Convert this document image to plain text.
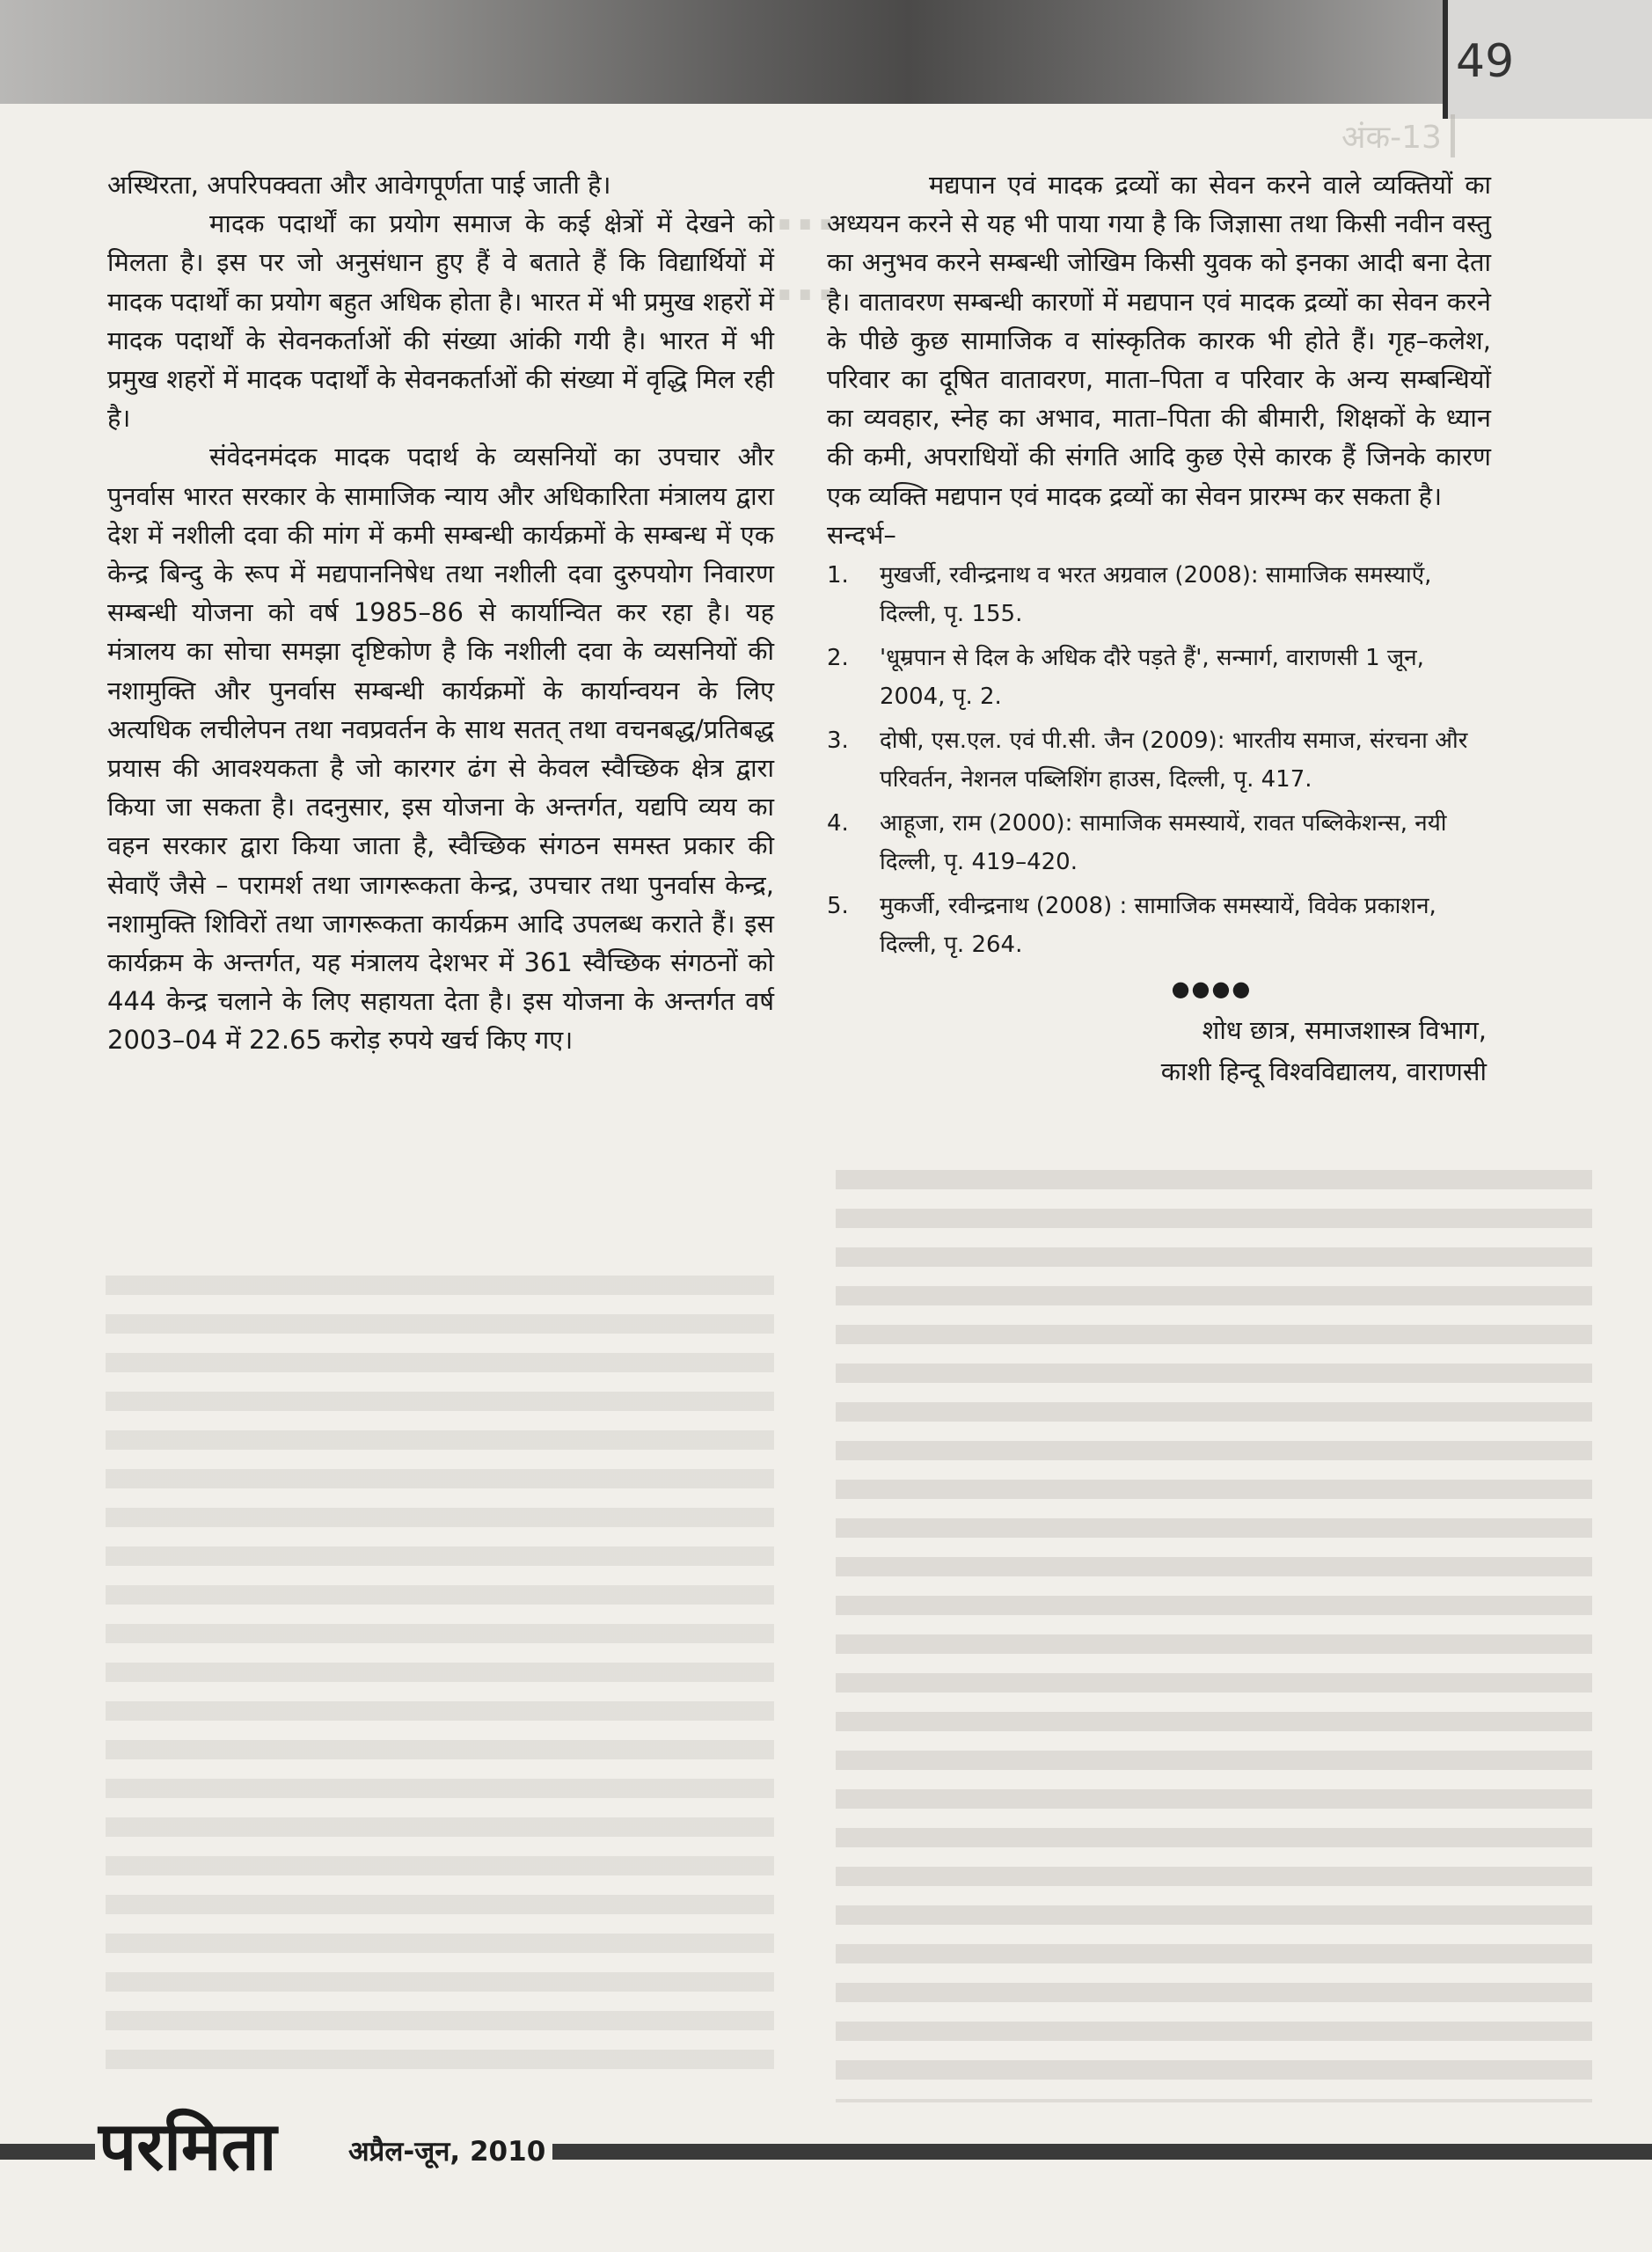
49
अंक-13
...
...

अस्थिरता, अपरिपक्वता और आवेगपूर्णता पाई जाती है।

मादक पदार्थों का प्रयोग समाज के कई क्षेत्रों में देखने को मिलता है। इस पर जो अनुसंधान हुए हैं वे बताते हैं कि विद्यार्थियों में मादक पदार्थों का प्रयोग बहुत अधिक होता है। भारत में भी प्रमुख शहरों में मादक पदार्थों के सेवनकर्ताओं की संख्या आंकी गयी है। भारत में भी प्रमुख शहरों में मादक पदार्थों के सेवनकर्ताओं की संख्या में वृद्धि मिल रही है।

संवेदनमंदक मादक पदार्थ के व्यसनियों का उपचार और पुनर्वास भारत सरकार के सामाजिक न्याय और अधिकारिता मंत्रालय द्वारा देश में नशीली दवा की मांग में कमी सम्बन्धी कार्यक्रमों के सम्बन्ध में एक केन्द्र बिन्दु के रूप में मद्यपाननिषेध तथा नशीली दवा दुरुपयोग निवारण सम्बन्धी योजना को वर्ष 1985–86 से कार्यान्वित कर रहा है। यह मंत्रालय का सोचा समझा दृष्टिकोण है कि नशीली दवा के व्यसनियों की नशामुक्ति और पुनर्वास सम्बन्धी कार्यक्रमों के कार्यान्वयन के लिए अत्यधिक लचीलेपन तथा नवप्रवर्तन के साथ सतत् तथा वचनबद्ध/प्रतिबद्ध प्रयास की आवश्यकता है जो कारगर ढंग से केवल स्वैच्छिक क्षेत्र द्वारा किया जा सकता है। तदनुसार, इस योजना के अन्तर्गत, यद्यपि व्यय का वहन सरकार द्वारा किया जाता है, स्वैच्छिक संगठन समस्त प्रकार की सेवाएँ जैसे – परामर्श तथा जागरूकता केन्द्र, उपचार तथा पुनर्वास केन्द्र, नशामुक्ति शिविरों तथा जागरूकता कार्यक्रम आदि उपलब्ध कराते हैं। इस कार्यक्रम के अन्तर्गत, यह मंत्रालय देशभर में 361 स्वैच्छिक संगठनों को 444 केन्द्र चलाने के लिए सहायता देता है। इस योजना के अन्तर्गत वर्ष 2003–04 में 22.65 करोड़ रुपये खर्च किए गए।

मद्यपान एवं मादक द्रव्यों का सेवन करने वाले व्यक्तियों का अध्ययन करने से यह भी पाया गया है कि जिज्ञासा तथा किसी नवीन वस्तु का अनुभव करने सम्बन्धी जोखिम किसी युवक को इनका आदी बना देता है। वातावरण सम्बन्धी कारणों में मद्यपान एवं मादक द्रव्यों का सेवन करने के पीछे कुछ सामाजिक व सांस्कृतिक कारक भी होते हैं। गृह–कलेश, परिवार का दूषित वातावरण, माता–पिता व परिवार के अन्य सम्बन्धियों का व्यवहार, स्नेह का अभाव, माता–पिता की बीमारी, शिक्षकों के ध्यान की कमी, अपराधियों की संगति आदि कुछ ऐसे कारक हैं जिनके कारण एक व्यक्ति मद्यपान एवं मादक द्रव्यों का सेवन प्रारम्भ कर सकता है।

सन्दर्भ–

1. मुखर्जी, रवीन्द्रनाथ व भरत अग्रवाल (2008): सामाजिक समस्याएँ, दिल्ली, पृ. 155.
2. 'धूम्रपान से दिल के अधिक दौरे पड़ते हैं', सन्मार्ग, वाराणसी 1 जून, 2004, पृ. 2.
3. दोषी, एस.एल. एवं पी.सी. जैन (2009): भारतीय समाज, संरचना और परिवर्तन, नेशनल पब्लिशिंग हाउस, दिल्ली, पृ. 417.
4. आहूजा, राम (2000): सामाजिक समस्यायें, रावत पब्लिकेशन्स, नयी दिल्ली, पृ. 419–420.
5. मुकर्जी, रवीन्द्रनाथ (2008) : सामाजिक समस्यायें, विवेक प्रकाशन, दिल्ली, पृ. 264.
●●●●
शोध छात्र, समाजशास्त्र विभाग,
काशी हिन्दू विश्वविद्यालय, वाराणसी
परमिता	अप्रैल-जून, 2010
